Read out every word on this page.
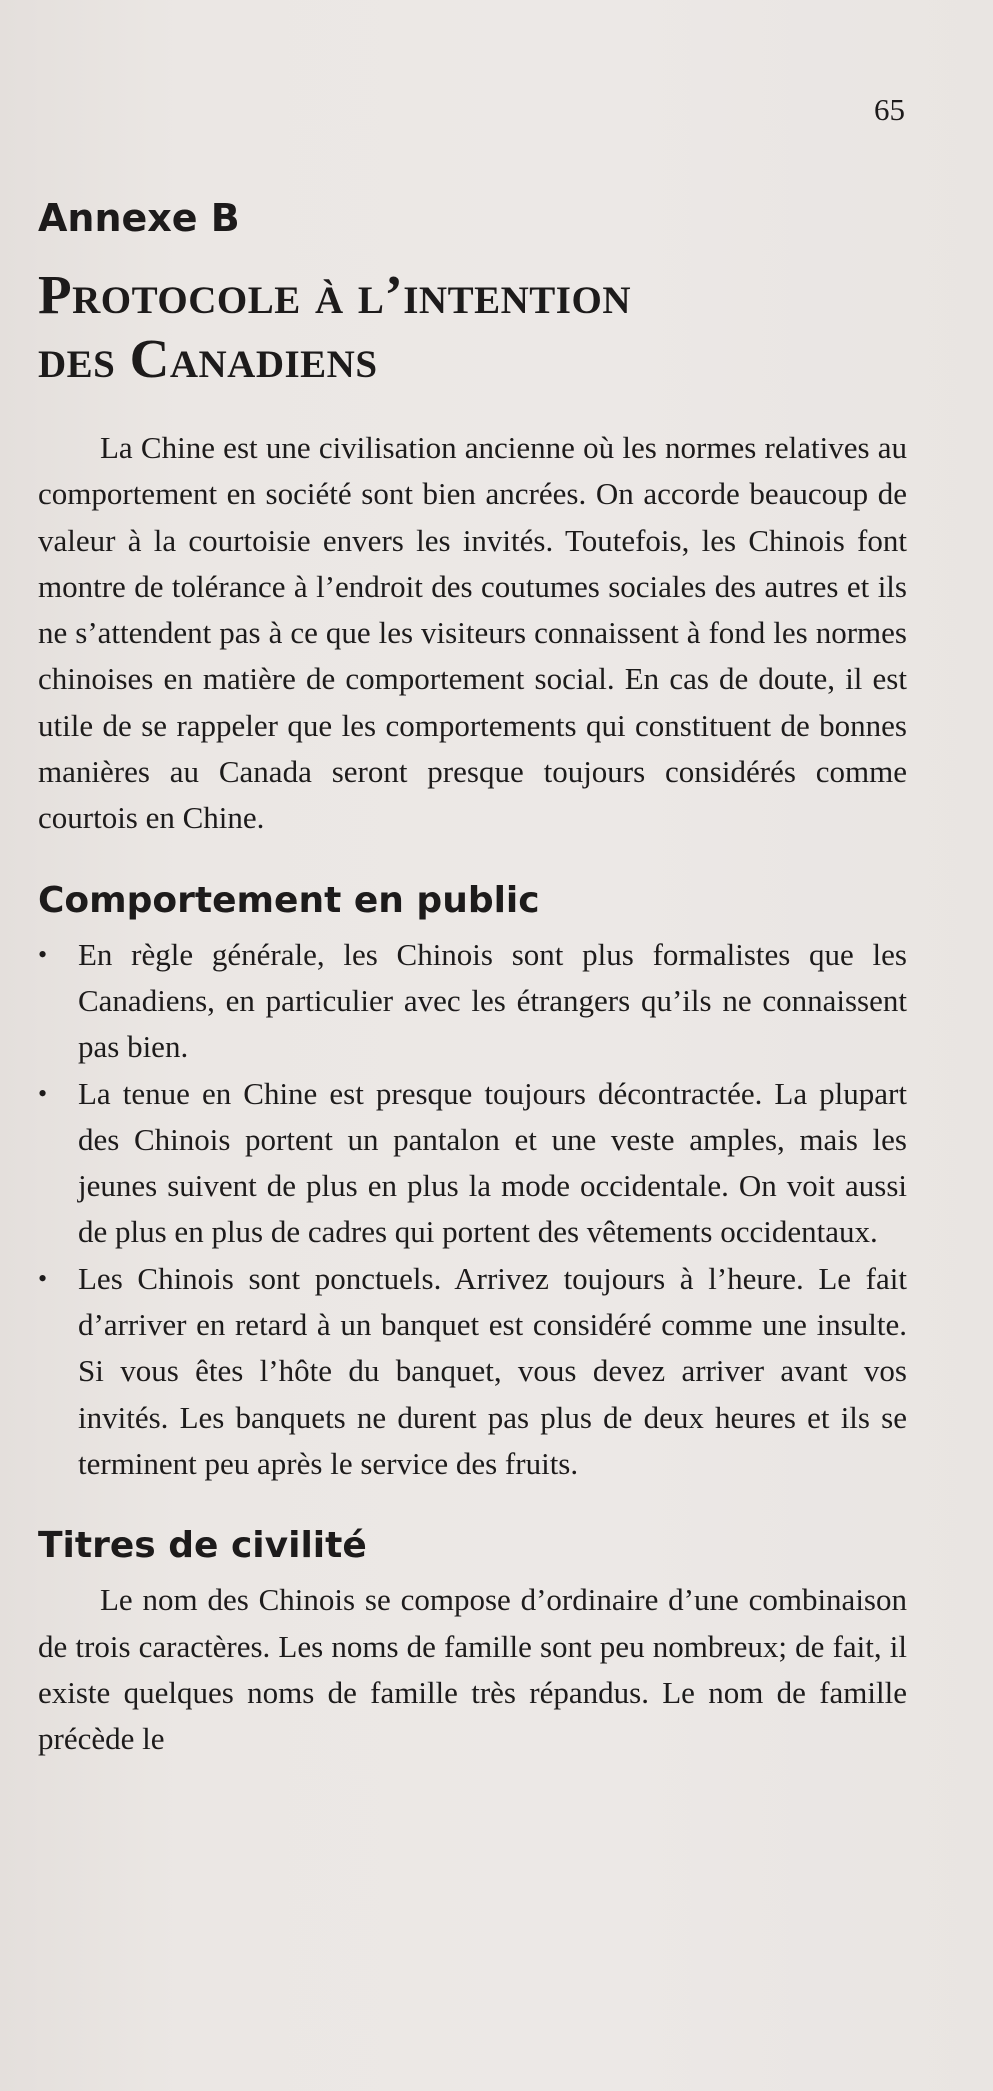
65
Annexe B
Protocole à l’intention
des Canadiens

La Chine est une civilisation ancienne où les normes relatives au comportement en société sont bien ancrées. On accorde beaucoup de valeur à la courtoisie envers les invités. Toutefois, les Chinois font montre de tolérance à l’endroit des coutumes sociales des autres et ils ne s’attendent pas à ce que les visiteurs connaissent à fond les normes chinoises en matière de comportement social. En cas de doute, il est utile de se rappeler que les comportements qui constituent de bonnes manières au Canada seront presque toujours considérés comme courtois en Chine.

Comportement en public
• En règle générale, les Chinois sont plus formalistes que les Canadiens, en particulier avec les étrangers qu’ils ne connaissent pas bien.
• La tenue en Chine est presque toujours décontractée. La plupart des Chinois portent un pantalon et une veste amples, mais les jeunes suivent de plus en plus la mode occidentale. On voit aussi de plus en plus de cadres qui portent des vêtements occidentaux.
• Les Chinois sont ponctuels. Arrivez toujours à l’heure. Le fait d’arriver en retard à un banquet est considéré comme une insulte. Si vous êtes l’hôte du banquet, vous devez arriver avant vos invités. Les banquets ne durent pas plus de deux heures et ils se terminent peu après le service des fruits.
Titres de civilité

Le nom des Chinois se compose d’ordinaire d’une combinaison de trois caractères. Les noms de famille sont peu nombreux; de fait, il existe quelques noms de famille très répandus. Le nom de famille précède le
